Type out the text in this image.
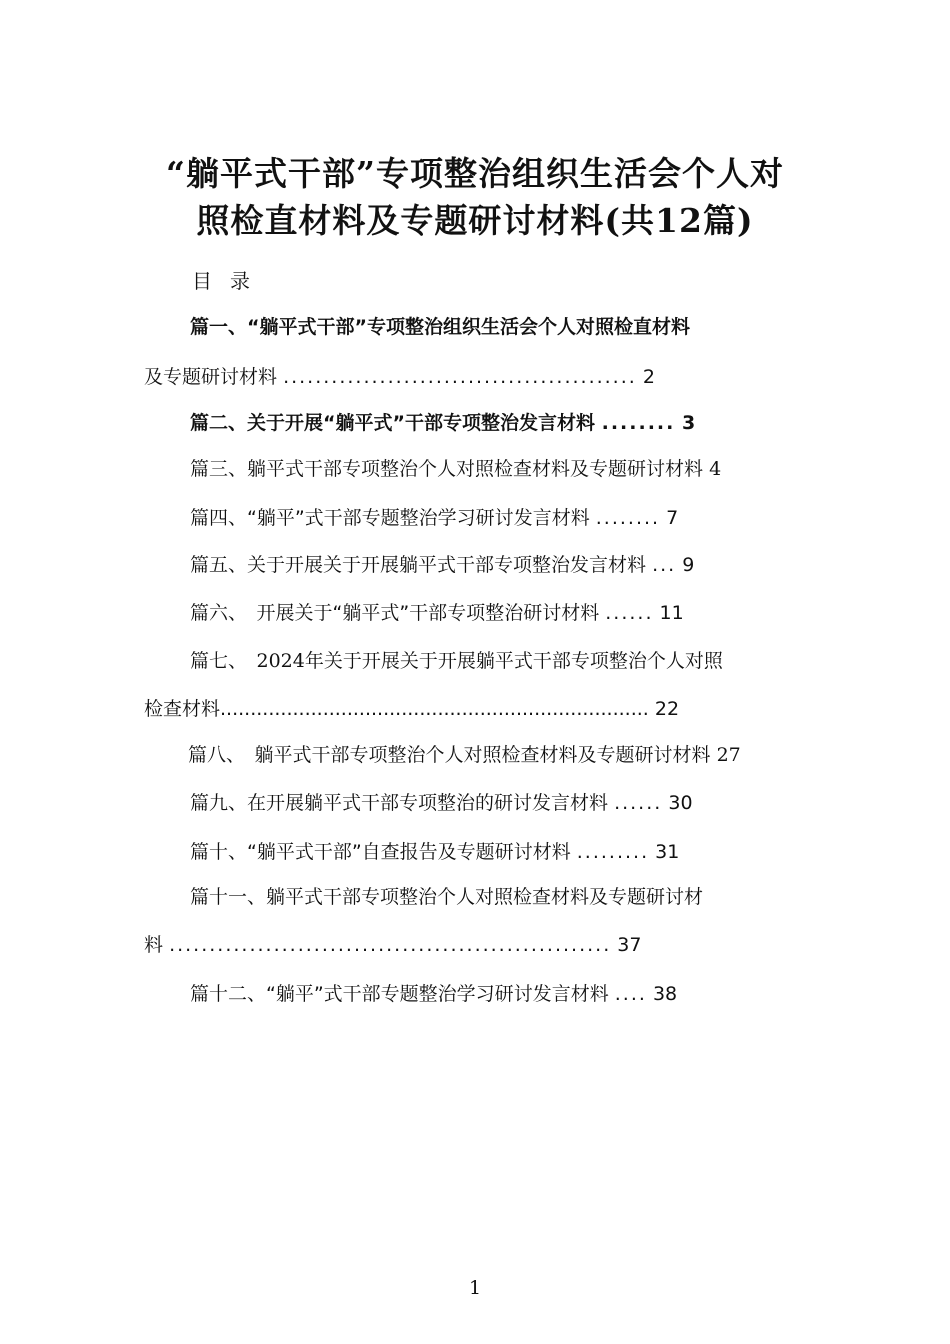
“躺平式干部”专项整治组织生活会个人对
照检直材料及专题研讨材料(共12篇)
目录
篇一、“躺平式干部”专项整治组织生活会个人对照检直材料
及专题研讨材料 ............................................ 2
篇二、关于开展“躺平式”干部专项整治发言材料 ........ 3
篇三、躺平式干部专项整治个人对照检查材料及专题研讨材料 4
篇四、“躺平”式干部专题整治学习研讨发言材料 ........ 7
篇五、关于开展关于开展躺平式干部专项整治发言材料 ... 9
篇六、　开展关于“躺平式”干部专项整治研讨材料 ...... 11
篇七、　2024年关于开展关于开展躺平式干部专项整治个人对照
检查材料....................................................................... 22
篇八、　躺平式干部专项整治个人对照检查材料及专题研讨材料 27
篇九、在开展躺平式干部专项整治的研讨发言材料 ...... 30
篇十、“躺平式干部”自查报告及专题研讨材料 ......... 31
篇十一、躺平式干部专项整治个人对照检查材料及专题研讨材
料 ....................................................... 37
篇十二、“躺平”式干部专题整治学习研讨发言材料 .... 38
1
